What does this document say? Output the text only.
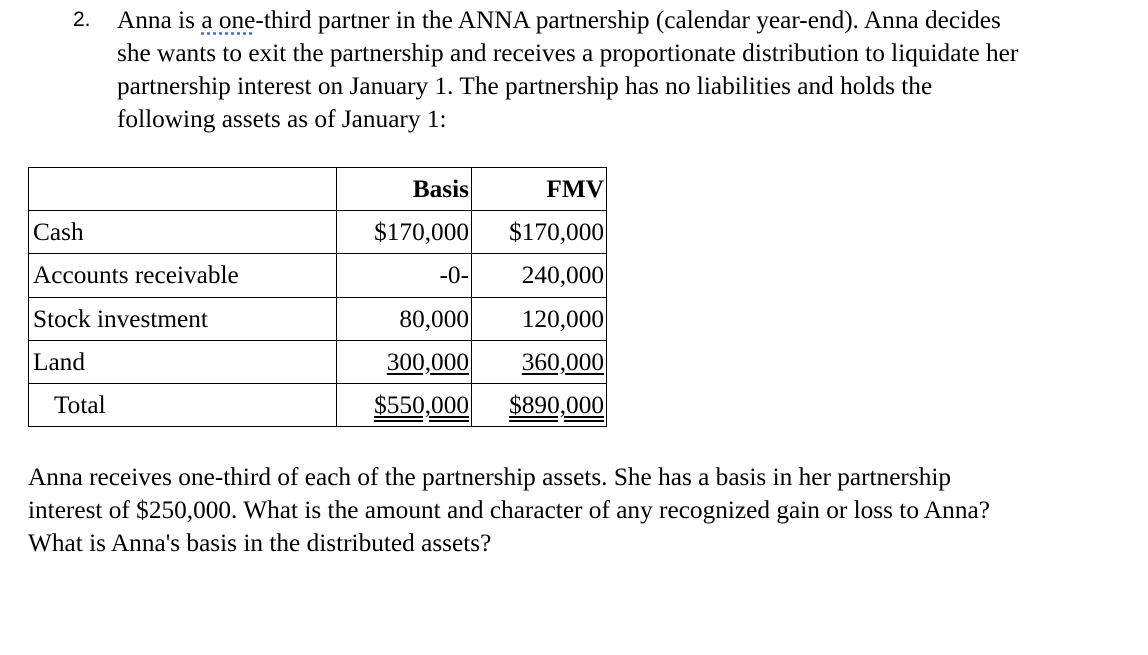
2. Anna is a one-third partner in the ANNA partnership (calendar year-end). Anna decides
she wants to exit the partnership and receives a proportionate distribution to liquidate her
partnership interest on January 1. The partnership has no liabilities and holds the
following assets as of January 1:
	Basis	FMV
Cash	$170,000	$170,000
Accounts receivable	-0-	240,000
Stock investment	80,000	120,000
Land	300,000	360,000
Total	$550,000	$890,000
Anna receives one-third of each of the partnership assets. She has a basis in her partnership
interest of $250,000. What is the amount and character of any recognized gain or loss to Anna?
What is Anna's basis in the distributed assets?
